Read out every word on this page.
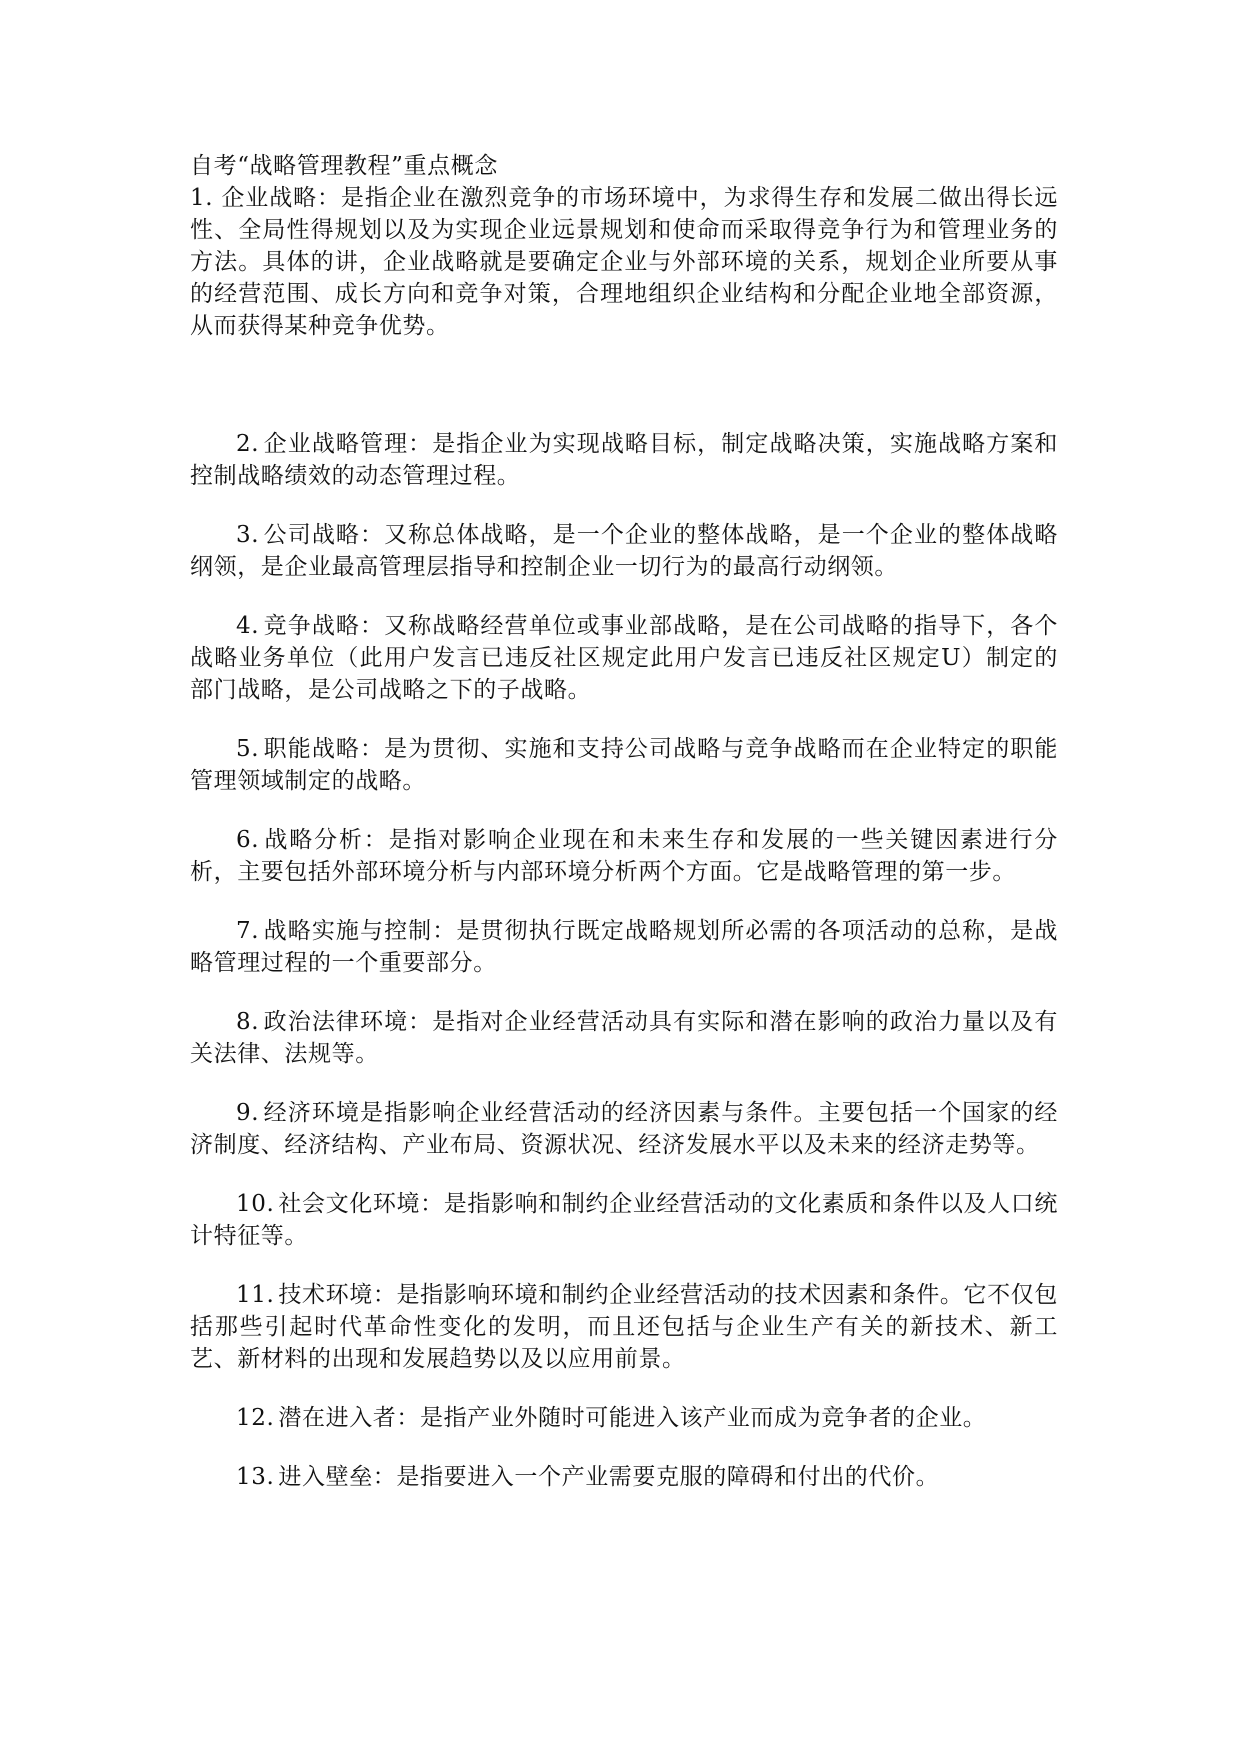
自考“战略管理教程”重点概念

1. 企业战略：是指企业在激烈竞争的市场环境中，为求得生存和发展二做出得长远性、全局性得规划以及为实现企业远景规划和使命而采取得竞争行为和管理业务的方法。具体的讲，企业战略就是要确定企业与外部环境的关系，规划企业所要从事的经营范围、成长方向和竞争对策，合理地组织企业结构和分配企业地全部资源，从而获得某种竞争优势。

2. 企业战略管理：是指企业为实现战略目标，制定战略决策，实施战略方案和控制战略绩效的动态管理过程。

3. 公司战略：又称总体战略，是一个企业的整体战略，是一个企业的整体战略纲领，是企业最高管理层指导和控制企业一切行为的最高行动纲领。

4. 竞争战略：又称战略经营单位或事业部战略，是在公司战略的指导下，各个战略业务单位（此用户发言已违反社区规定此用户发言已违反社区规定U）制定的部门战略，是公司战略之下的子战略。

5. 职能战略：是为贯彻、实施和支持公司战略与竞争战略而在企业特定的职能管理领域制定的战略。

6. 战略分析：是指对影响企业现在和未来生存和发展的一些关键因素进行分析，主要包括外部环境分析与内部环境分析两个方面。它是战略管理的第一步。

7. 战略实施与控制：是贯彻执行既定战略规划所必需的各项活动的总称，是战略管理过程的一个重要部分。

8. 政治法律环境：是指对企业经营活动具有实际和潜在影响的政治力量以及有关法律、法规等。

9. 经济环境是指影响企业经营活动的经济因素与条件。主要包括一个国家的经济制度、经济结构、产业布局、资源状况、经济发展水平以及未来的经济走势等。

10. 社会文化环境：是指影响和制约企业经营活动的文化素质和条件以及人口统计特征等。

11. 技术环境：是指影响环境和制约企业经营活动的技术因素和条件。它不仅包括那些引起时代革命性变化的发明，而且还包括与企业生产有关的新技术、新工艺、新材料的出现和发展趋势以及以应用前景。

12. 潜在进入者：是指产业外随时可能进入该产业而成为竞争者的企业。

13. 进入壁垒：是指要进入一个产业需要克服的障碍和付出的代价。
